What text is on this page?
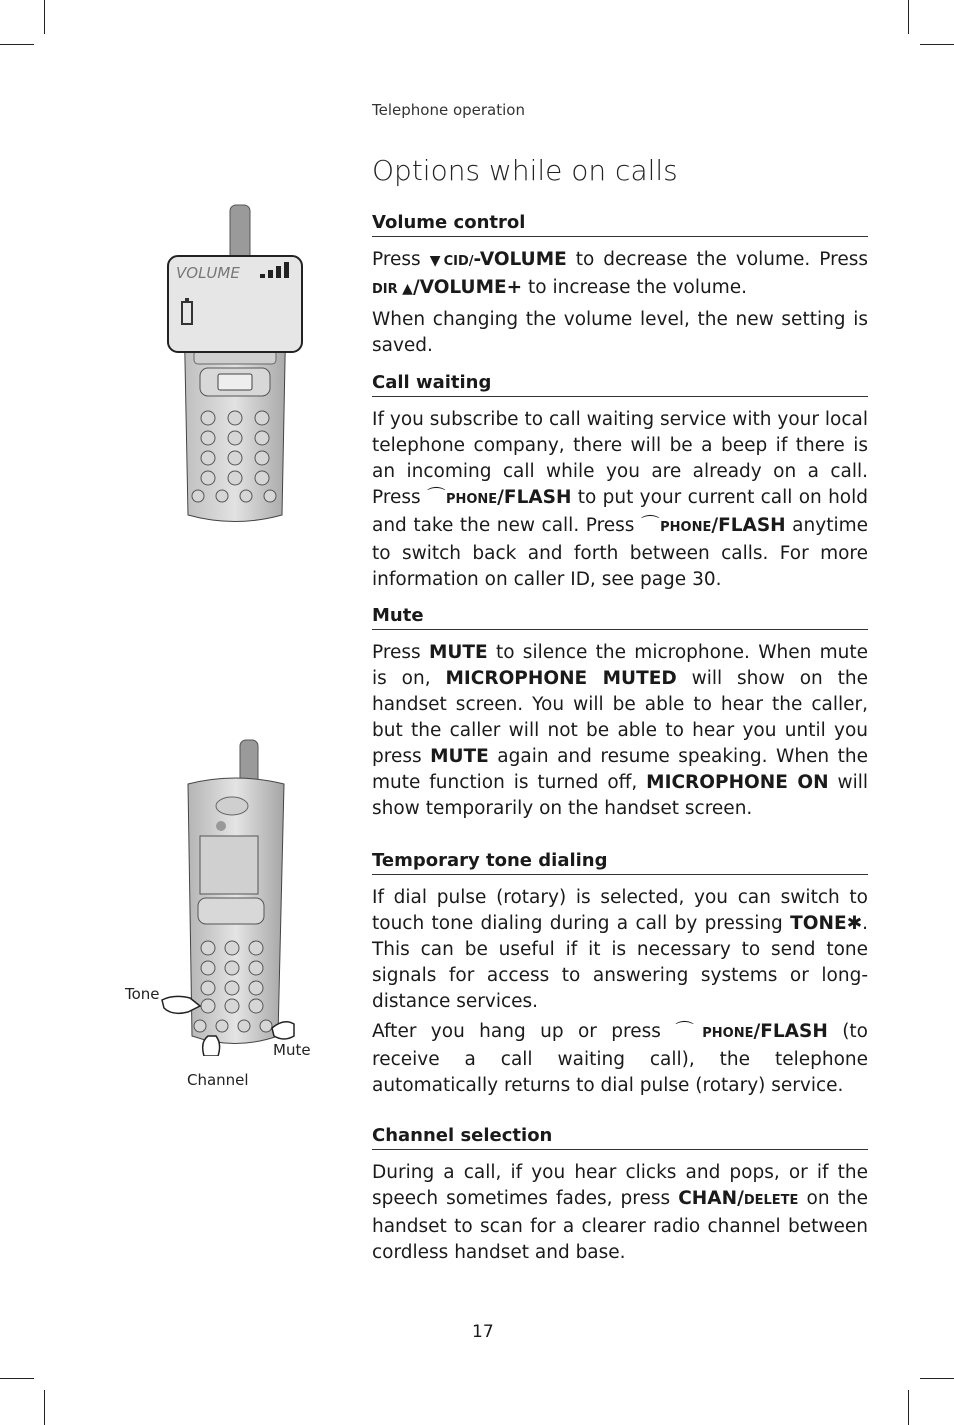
Telephone operation
Options while on calls
VOLUME
Tone
Mute
Channel
Volume control
Press ▼CID/-VOLUME to decrease the volume. Press DIR ▲/VOLUME+ to increase the volume.
When changing the volume level, the new setting is saved.
Call waiting
If you subscribe to call waiting service with your local telephone company, there will be a beep if there is an incoming call while you are already on a call. Press ⌒PHONE/FLASH to put your current call on hold and take the new call. Press ⌒PHONE/FLASH anytime to switch back and forth between calls. For more information on caller ID, see page 30.
Mute
Press MUTE to silence the microphone. When mute is on, MICROPHONE MUTED will show on the handset screen. You will be able to hear the caller, but the caller will not be able to hear you until you press MUTE again and resume speaking. When the mute function is turned off, MICROPHONE ON will show temporarily on the handset screen.
Temporary tone dialing
If dial pulse (rotary) is selected, you can switch to touch tone dialing during a call by pressing TONE✱. This can be useful if it is necessary to send tone signals for access to answering systems or long-distance services.
After you hang up or press ⌒PHONE/FLASH (to receive a call waiting call), the telephone automatically returns to dial pulse (rotary) service.
Channel selection
During a call, if you hear clicks and pops, or if the speech sometimes fades, press CHAN/DELETE on the handset to scan for a clearer radio channel between cordless handset and base.
17
